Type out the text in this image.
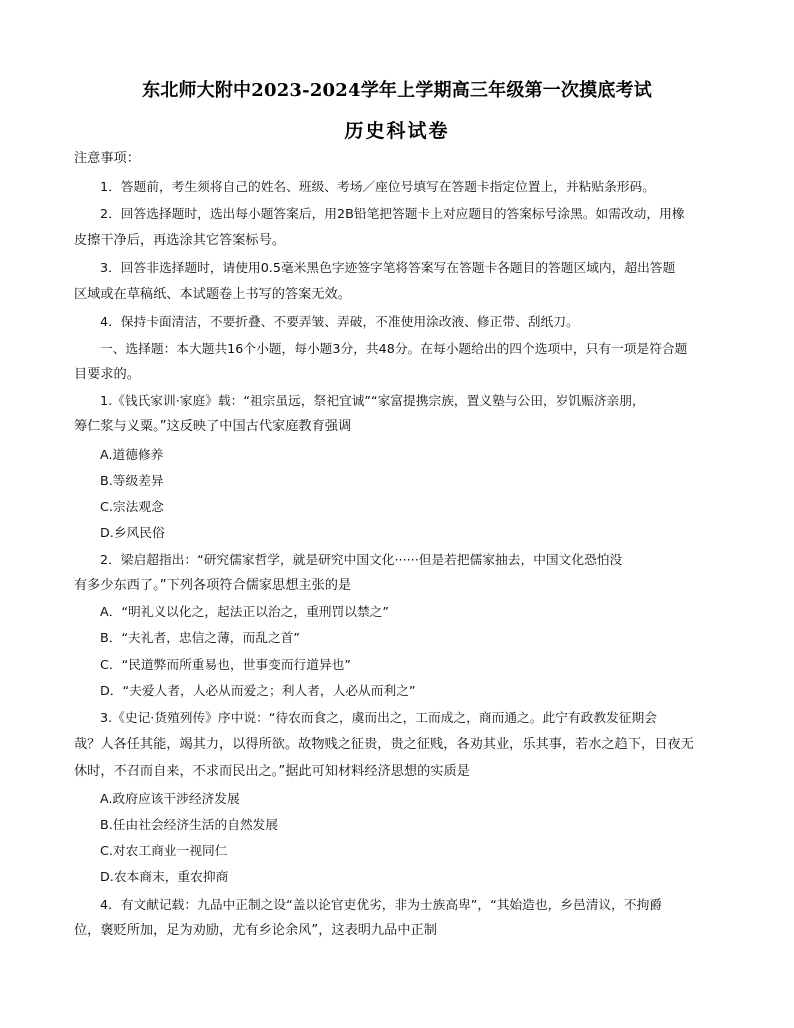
东北师大附中2023-2024学年上学期高三年级第一次摸底考试
历史科试卷
注意事项：
1．答题前，考生须将自己的姓名、班级、考场／座位号填写在答题卡指定位置上，并粘贴条形码。
2．回答选择题时，选出每小题答案后，用2B铅笔把答题卡上对应题目的答案标号涂黑。如需改动，用橡
皮擦干净后，再选涂其它答案标号。
3．回答非选择题时，请使用0.5毫米黑色字迹签字笔将答案写在答题卡各题目的答题区域内，超出答题
区域或在草稿纸、本试题卷上书写的答案无效。
4．保持卡面清洁，不要折叠、不要弄皱、弄破，不准使用涂改液、修正带、刮纸刀。
一、选择题：本大题共16个小题，每小题3分，共48分。在每小题给出的四个选项中，只有一项是符合题
目要求的。
1.《钱氏家训·家庭》载：“祖宗虽远，祭祀宜诚”“家富提携宗族，置义塾与公田，岁饥赈济亲朋，
筹仁浆与义粟。”这反映了中国古代家庭教育强调
A.道德修养
B.等级差异
C.宗法观念
D.乡风民俗
2．梁启超指出：“研究儒家哲学，就是研究中国文化······但是若把儒家抽去，中国文化恐怕没
有多少东西了。”下列各项符合儒家思想主张的是
A．“明礼义以化之，起法正以治之，重刑罚以禁之”
B．“夫礼者，忠信之薄，而乱之首”
C．“民道弊而所重易也，世事变而行道异也”
D．“夫爱人者，人必从而爱之；利人者，人必从而利之”
3.《史记·货殖列传》序中说：“待农而食之，虞而出之，工而成之，商而通之。此宁有政教发征期会
哉？人各任其能，竭其力，以得所欲。故物贱之征贵，贵之征贱，各劝其业，乐其事，若水之趋下，日夜无
休时，不召而自来，不求而民出之。”据此可知材料经济思想的实质是
A.政府应该干涉经济发展
B.任由社会经济生活的自然发展
C.对农工商业一视同仁
D.农本商末，重农抑商
4．有文献记载：九品中正制之设“盖以论官吏优劣，非为士族高卑”，“其始造也，乡邑清议，不拘爵
位，褒贬所加，足为劝励，尤有乡论余风”，这表明九品中正制
